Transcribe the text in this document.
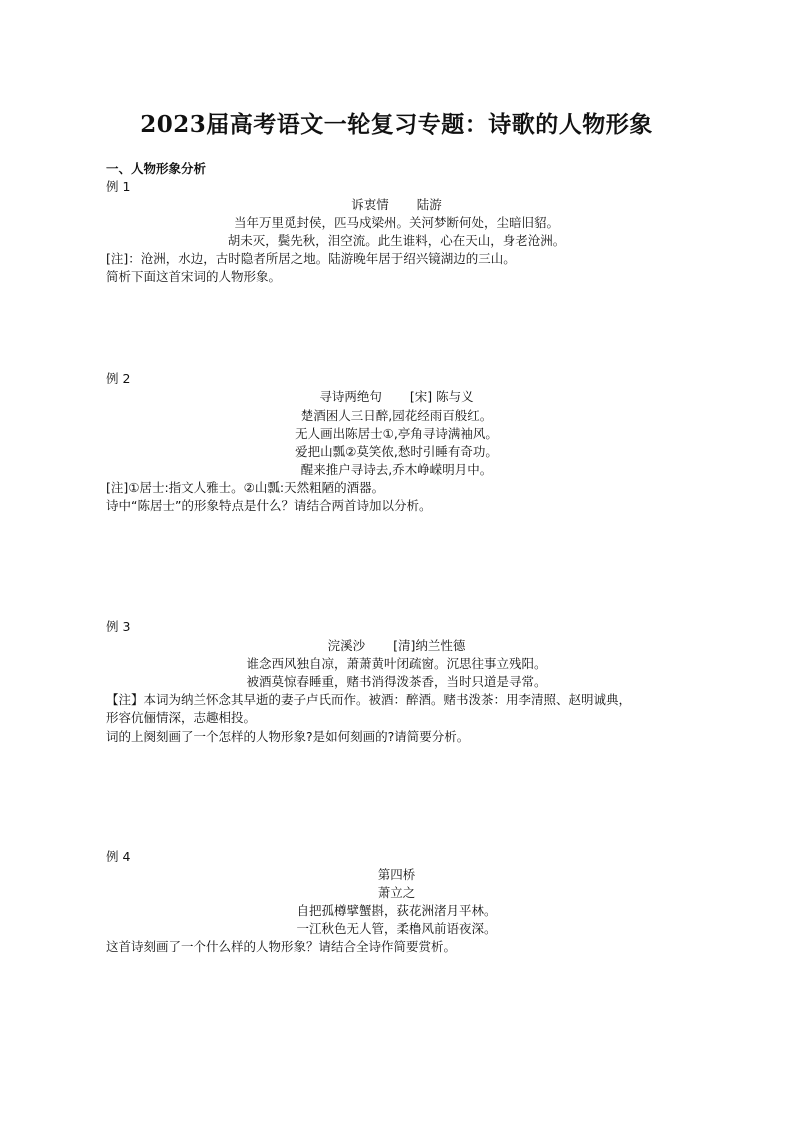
2023届高考语文一轮复习专题：诗歌的人物形象
一、人物形象分析
例 1
诉衷情 陆游
当年万里觅封侯，匹马戍梁州。关河梦断何处，尘暗旧貂。
胡未灭，鬓先秋，泪空流。此生谁料，心在天山，身老沧洲。
[注]：沧洲，水边，古时隐者所居之地。陆游晚年居于绍兴镜湖边的三山。
简析下面这首宋词的人物形象。
例 2
寻诗两绝句 [宋] 陈与义
楚酒困人三日醉,园花经雨百般红。
无人画出陈居士①,亭角寻诗满袖风。
爱把山瓢②莫笑侬,愁时引睡有奇功。
醒来推户寻诗去,乔木峥嵘明月中。
[注]①居士:指文人雅士。②山瓢:天然粗陋的酒器。
诗中“陈居士”的形象特点是什么？请结合两首诗加以分析。
例 3
浣溪沙 [清]纳兰性德
谁念西风独自凉，萧萧黄叶闭疏窗。沉思往事立残阳。
被酒莫惊春睡重，赌书消得泼茶香，当时只道是寻常。
【注】本词为纳兰怀念其早逝的妻子卢氏而作。被酒：醉酒。赌书泼茶：用李清照、赵明诚典，
形容伉俪情深，志趣相投。
词的上阕刻画了一个怎样的人物形象?是如何刻画的?请简要分析。
例 4
第四桥
萧立之
自把孤樽擘蟹斟，荻花洲渚月平林。
一江秋色无人管，柔橹风前语夜深。
这首诗刻画了一个什么样的人物形象？请结合全诗作简要赏析。
